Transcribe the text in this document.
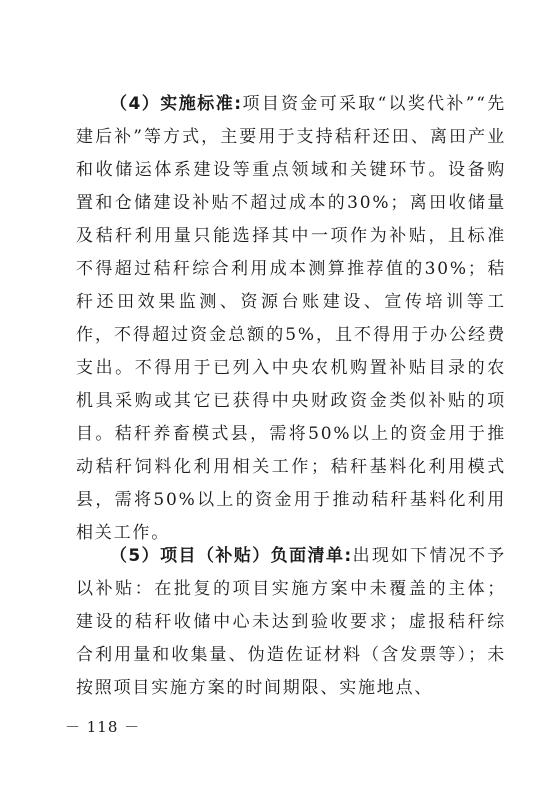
（4）实施标准:项目资金可采取“以奖代补”“先建后补”等方式，主要用于支持秸秆还田、离田产业和收储运体系建设等重点领域和关键环节。设备购置和仓储建设补贴不超过成本的30%；离田收储量及秸秆利用量只能选择其中一项作为补贴，且标准不得超过秸秆综合利用成本测算推荐值的30%；秸秆还田效果监测、资源台账建设、宣传培训等工作，不得超过资金总额的5%，且不得用于办公经费支出。不得用于已列入中央农机购置补贴目录的农机具采购或其它已获得中央财政资金类似补贴的项目。秸秆养畜模式县，需将50%以上的资金用于推动秸秆饲料化利用相关工作；秸秆基料化利用模式县，需将50%以上的资金用于推动秸秆基料化利用相关工作。

（5）项目（补贴）负面清单:出现如下情况不予以补贴：在批复的项目实施方案中未覆盖的主体；建设的秸秆收储中心未达到验收要求；虚报秸秆综合利用量和收集量、伪造佐证材料（含发票等）；未按照项目实施方案的时间期限、实施地点、

－ 118 －
